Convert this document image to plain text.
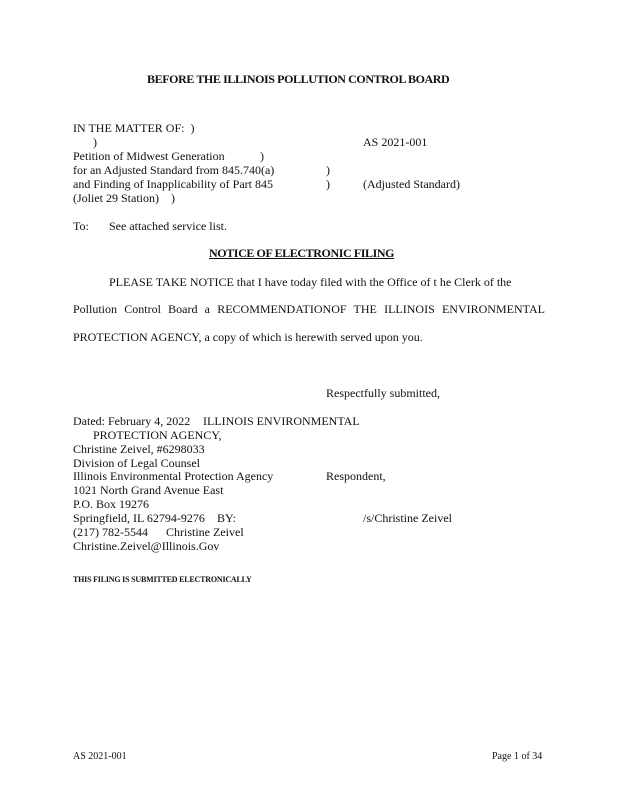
BEFORE THE ILLINOIS POLLUTION CONTROL BOARD
IN THE MATTER OF: )
)	AS 2021-001
Petition of Midwest Generation	)
for an Adjusted Standard from 845.740(a)	)
and Finding of Inapplicability of Part 845	)	(Adjusted Standard)
(Joliet 29 Station) )
To: See attached service list.
NOTICE OF ELECTRONIC FILING
PLEASE TAKE NOTICE that I have today filed with the Office of t he Clerk of the
Pollution Control Board a RECOMMENDATIONOF THE ILLINOIS ENVIRONMENTAL
PROTECTION AGENCY, a copy of which is herewith served upon you.
Respectfully submitted,
Dated: February 4, 2022 ILLINOIS ENVIRONMENTAL
PROTECTION AGENCY,
Christine Zeivel, #6298033
Division of Legal Counsel
Illinois Environmental Protection Agency	Respondent,
1021 North Grand Avenue East
P.O. Box 19276
Springfield, IL 62794-9276 BY:	/s/Christine Zeivel
(217) 782-5544 Christine Zeivel
Christine.Zeivel@Illinois.Gov
THIS FILING IS SUBMITTED ELECTRONICALLY
AS 2021-001	Page 1 of 34
